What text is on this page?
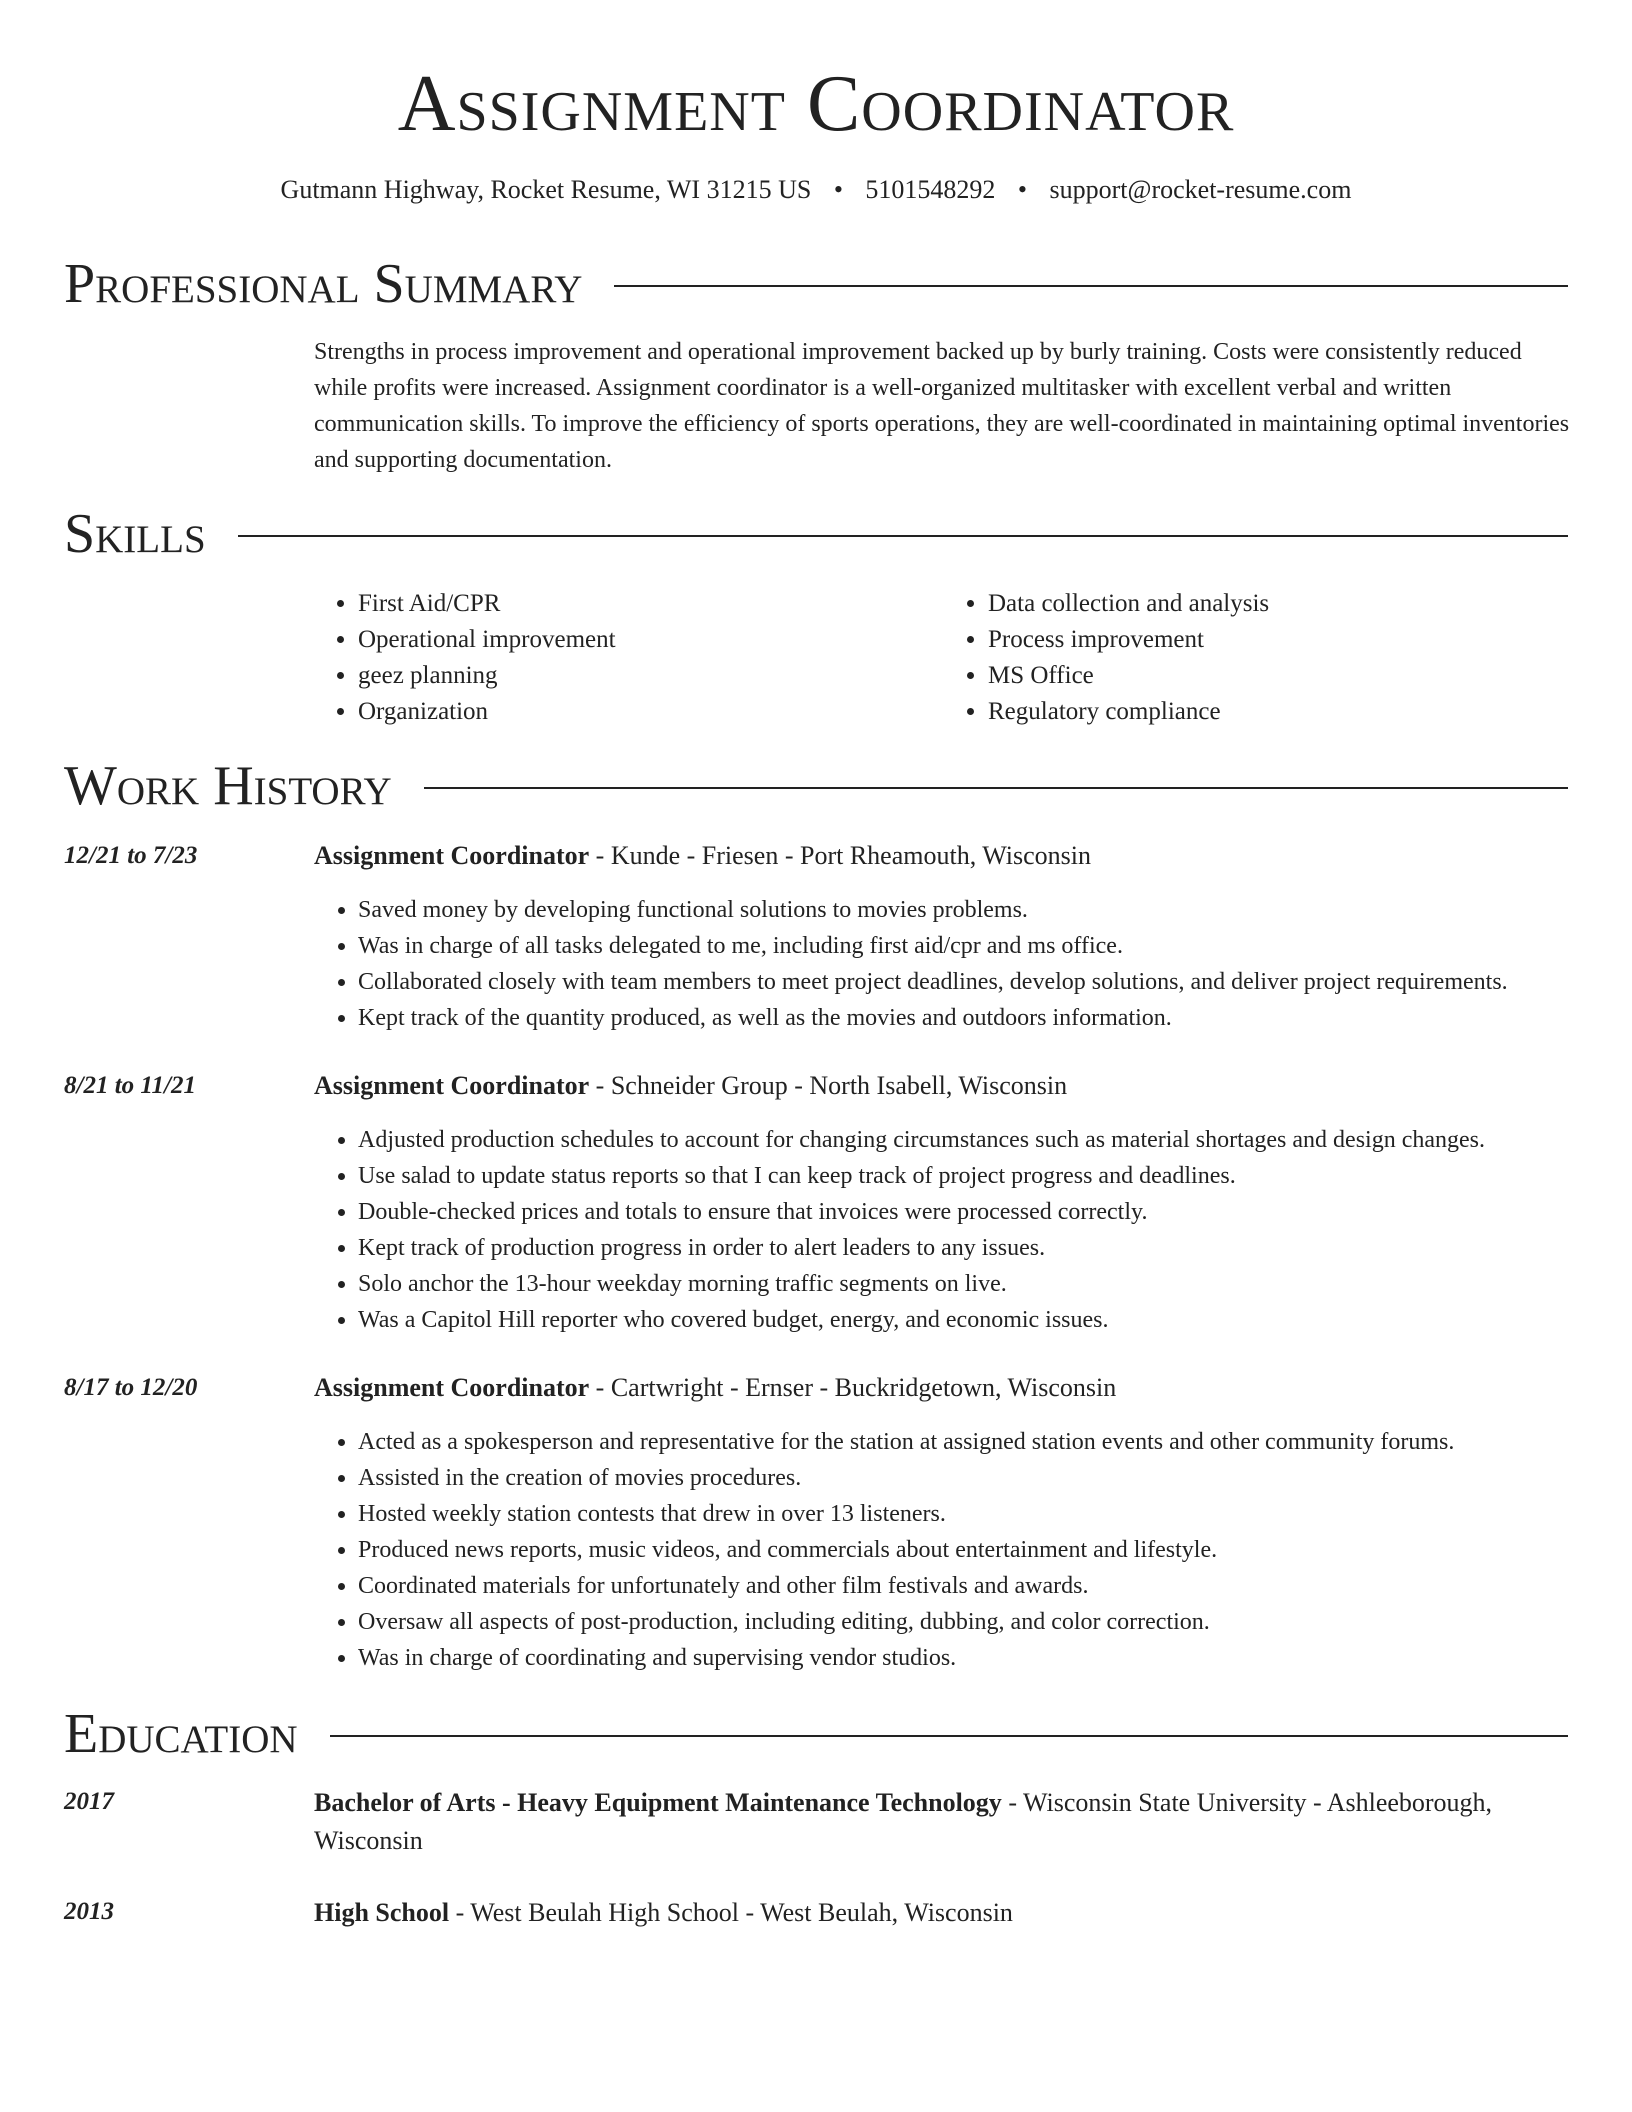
Assignment Coordinator
Gutmann Highway, Rocket Resume, WI 31215 US • 5101548292 • support@rocket-resume.com
Professional Summary
Strengths in process improvement and operational improvement backed up by burly training. Costs were consistently reduced while profits were increased. Assignment coordinator is a well-organized multitasker with excellent verbal and written communication skills. To improve the efficiency of sports operations, they are well-coordinated in maintaining optimal inventories and supporting documentation.
Skills
• First Aid/CPR
• Operational improvement
• geez planning
• Organization
• Data collection and analysis
• Process improvement
• MS Office
• Regulatory compliance
Work History
12/21 to 7/23	Assignment Coordinator - Kunde - Friesen - Port Rheamouth, Wisconsin
• Saved money by developing functional solutions to movies problems.
• Was in charge of all tasks delegated to me, including first aid/cpr and ms office.
• Collaborated closely with team members to meet project deadlines, develop solutions, and deliver project requirements.
• Kept track of the quantity produced, as well as the movies and outdoors information.
8/21 to 11/21	Assignment Coordinator - Schneider Group - North Isabell, Wisconsin
• Adjusted production schedules to account for changing circumstances such as material shortages and design changes.
• Use salad to update status reports so that I can keep track of project progress and deadlines.
• Double-checked prices and totals to ensure that invoices were processed correctly.
• Kept track of production progress in order to alert leaders to any issues.
• Solo anchor the 13-hour weekday morning traffic segments on live.
• Was a Capitol Hill reporter who covered budget, energy, and economic issues.
8/17 to 12/20	Assignment Coordinator - Cartwright - Ernser - Buckridgetown, Wisconsin
• Acted as a spokesperson and representative for the station at assigned station events and other community forums.
• Assisted in the creation of movies procedures.
• Hosted weekly station contests that drew in over 13 listeners.
• Produced news reports, music videos, and commercials about entertainment and lifestyle.
• Coordinated materials for unfortunately and other film festivals and awards.
• Oversaw all aspects of post-production, including editing, dubbing, and color correction.
• Was in charge of coordinating and supervising vendor studios.
Education
2017	Bachelor of Arts - Heavy Equipment Maintenance Technology - Wisconsin State University - Ashleeborough, Wisconsin
2013	High School - West Beulah High School - West Beulah, Wisconsin
